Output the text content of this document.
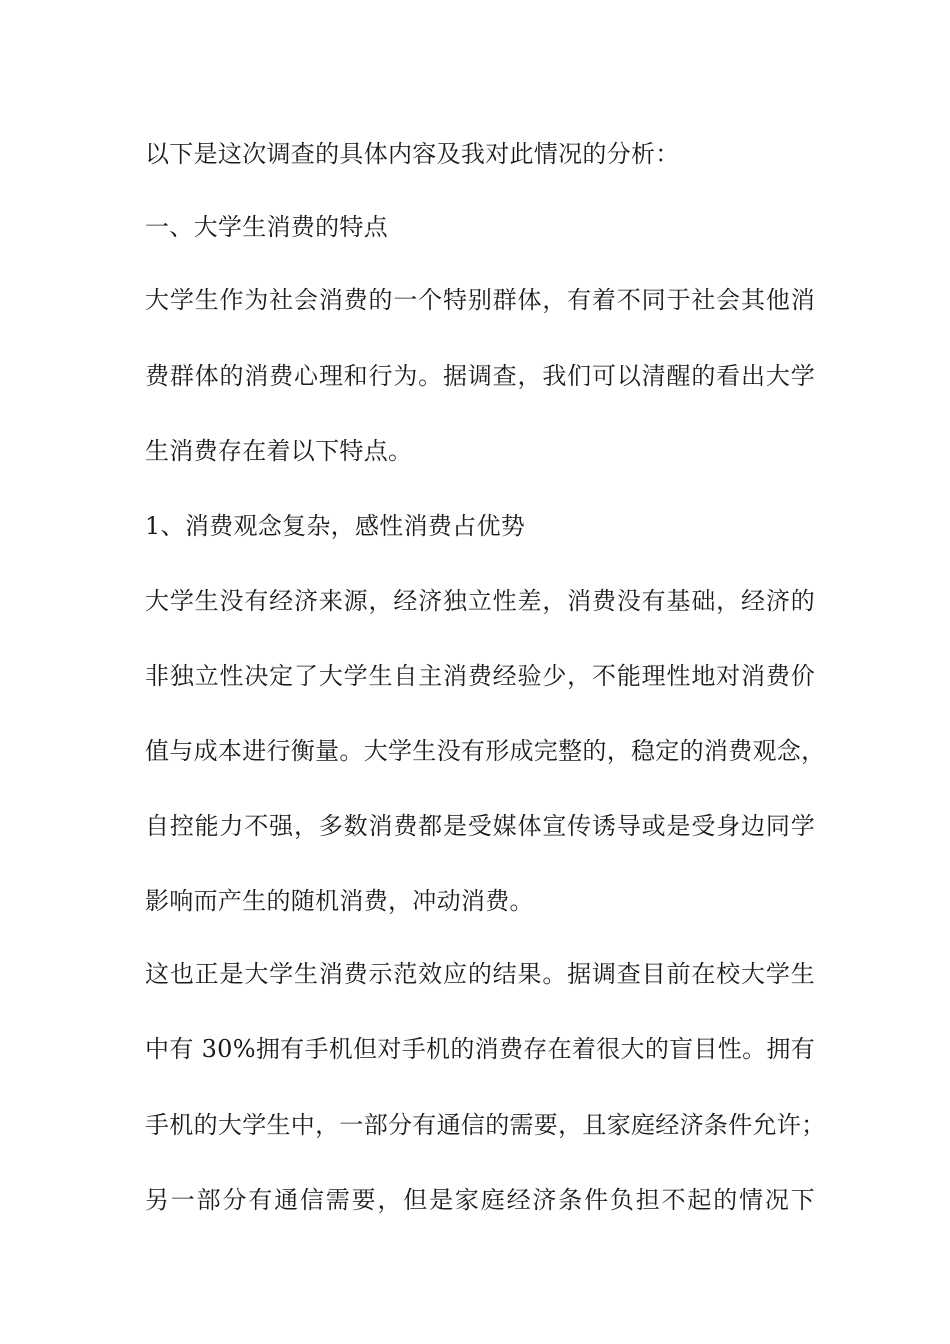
以下是这次调查的具体内容及我对此情况的分析：
一、大学生消费的特点
大学生作为社会消费的一个特别群体，有着不同于社会其他消
费群体的消费心理和行为。据调查，我们可以清醒的看出大学
生消费存在着以下特点。
1、消费观念复杂，感性消费占优势
大学生没有经济来源，经济独立性差，消费没有基础，经济的
非独立性决定了大学生自主消费经验少，不能理性地对消费价
值与成本进行衡量。大学生没有形成完整的，稳定的消费观念，
自控能力不强，多数消费都是受媒体宣传诱导或是受身边同学
影响而产生的随机消费，冲动消费。
这也正是大学生消费示范效应的结果。据调查目前在校大学生
中有 30%拥有手机但对手机的消费存在着很大的盲目性。拥有
手机的大学生中，一部分有通信的需要，且家庭经济条件允许；
另一部分有通信需要，但是家庭经济条件负担不起的情况下
